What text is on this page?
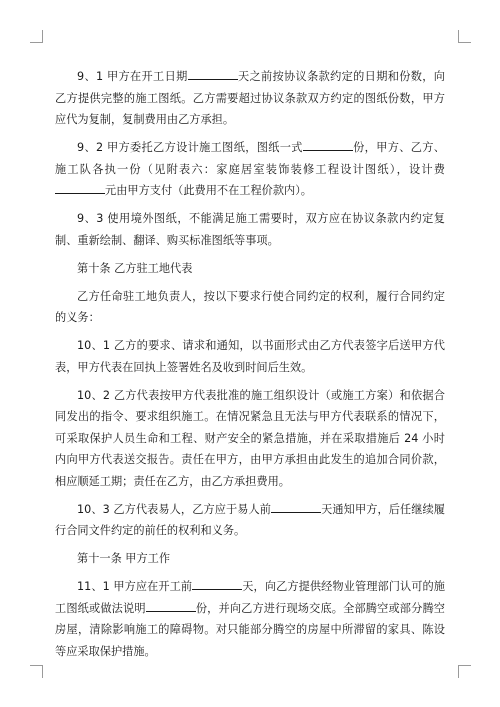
9、1 甲方在开工日期	天之前按协议条款约定的日期和份数，向乙方提供完整的施工图纸。乙方需要超过协议条款双方约定的图纸份数，甲方应代为复制，复制费用由乙方承担。

9、2 甲方委托乙方设计施工图纸，图纸一式	份，甲方、乙方、施工队各执一份（见附表六：家庭居室装饰装修工程设计图纸），设计费元由甲方支付（此费用不在工程价款内）。

9、3 使用境外图纸，不能满足施工需要时，双方应在协议条款内约定复制、重新绘制、翻译、购买标准图纸等事项。

第十条 乙方驻工地代表

乙方任命驻工地负责人，按以下要求行使合同约定的权利，履行合同约定的义务：

10、1 乙方的要求、请求和通知，以书面形式由乙方代表签字后送甲方代表，甲方代表在回执上签署姓名及收到时间后生效。

10、2 乙方代表按甲方代表批准的施工组织设计（或施工方案）和依据合同发出的指令、要求组织施工。在情况紧急且无法与甲方代表联系的情况下，可采取保护人员生命和工程、财产安全的紧急措施，并在采取措施后 24 小时内向甲方代表送交报告。责任在甲方，由甲方承担由此发生的追加合同价款，相应顺延工期；责任在乙方，由乙方承担费用。

10、3 乙方代表易人，乙方应于易人前	天通知甲方，后任继续履行合同文件约定的前任的权利和义务。

第十一条 甲方工作

11、1 甲方应在开工前	天，向乙方提供经物业管理部门认可的施工图纸或做法说明	份，并向乙方进行现场交底。全部腾空或部分腾空房屋，清除影响施工的障碍物。对只能部分腾空的房屋中所滞留的家具、陈设等应采取保护措施。
